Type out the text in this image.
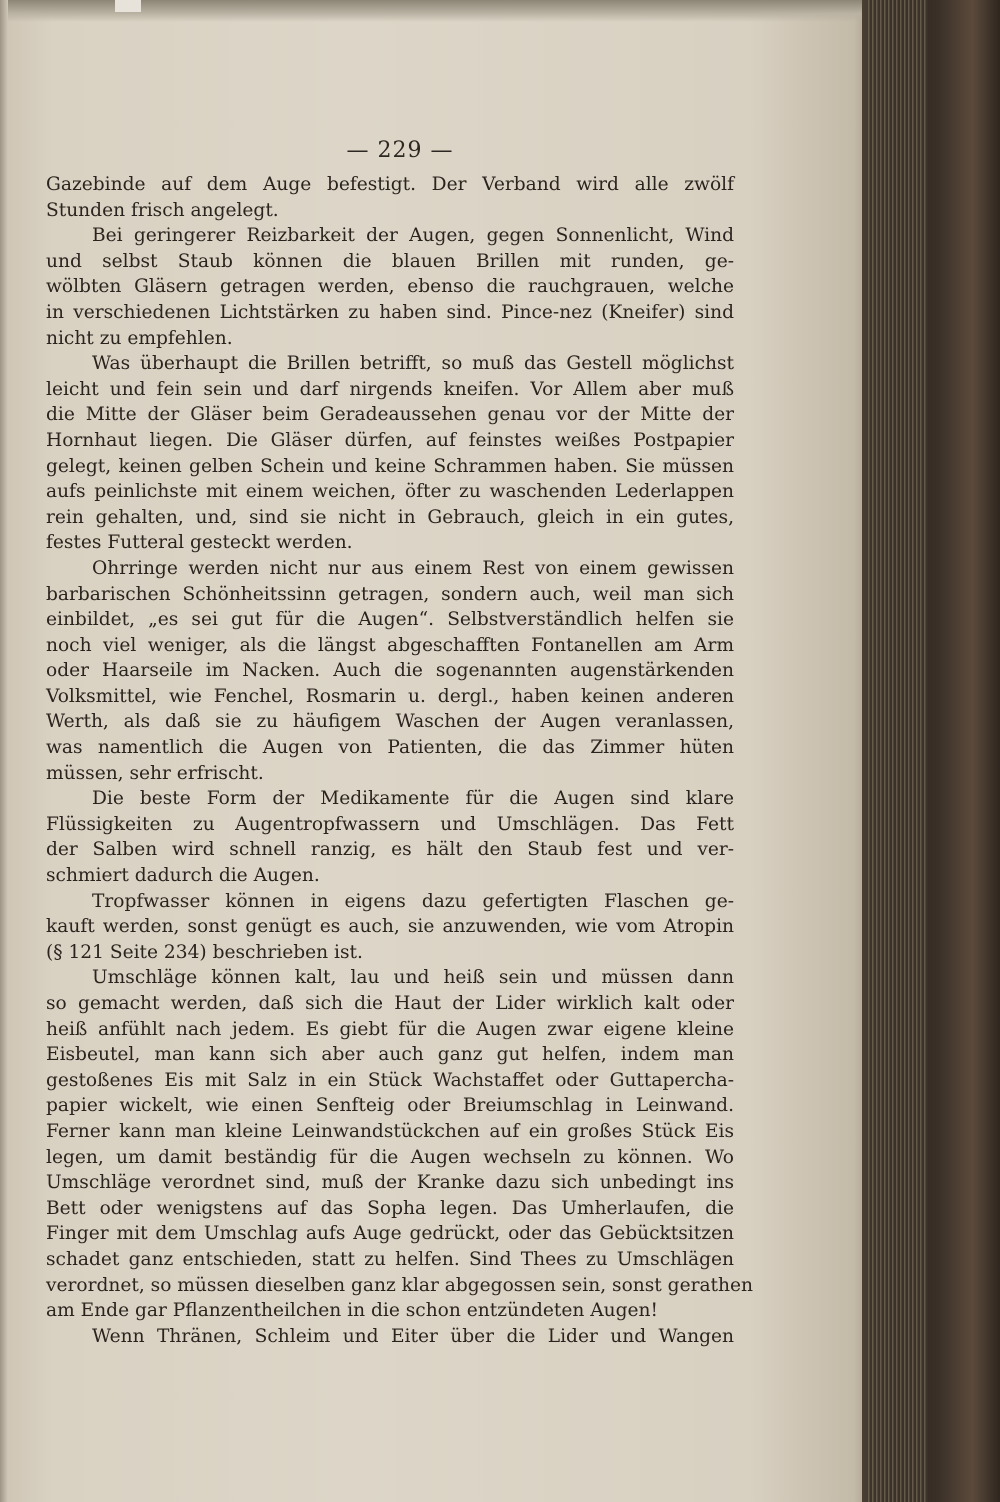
— 229 —
Gazebinde auf dem Auge befestigt. Der Verband wird alle zwölf
Stunden frisch angelegt.
Bei geringerer Reizbarkeit der Augen, gegen Sonnenlicht, Wind
und selbst Staub können die blauen Brillen mit runden, ge-
wölbten Gläsern getragen werden, ebenso die rauchgrauen, welche
in verschiedenen Lichtstärken zu haben sind. Pince-nez (Kneifer) sind
nicht zu empfehlen.
Was überhaupt die Brillen betrifft, so muß das Gestell möglichst
leicht und fein sein und darf nirgends kneifen. Vor Allem aber muß
die Mitte der Gläser beim Geradeaussehen genau vor der Mitte der
Hornhaut liegen. Die Gläser dürfen, auf feinstes weißes Postpapier
gelegt, keinen gelben Schein und keine Schrammen haben. Sie müssen
aufs peinlichste mit einem weichen, öfter zu waschenden Lederlappen
rein gehalten, und, sind sie nicht in Gebrauch, gleich in ein gutes,
festes Futteral gesteckt werden.
Ohrringe werden nicht nur aus einem Rest von einem gewissen
barbarischen Schönheitssinn getragen, sondern auch, weil man sich
einbildet, „es sei gut für die Augen“. Selbstverständlich helfen sie
noch viel weniger, als die längst abgeschafften Fontanellen am Arm
oder Haarseile im Nacken. Auch die sogenannten augenstärkenden
Volksmittel, wie Fenchel, Rosmarin u. dergl., haben keinen anderen
Werth, als daß sie zu häufigem Waschen der Augen veranlassen,
was namentlich die Augen von Patienten, die das Zimmer hüten
müssen, sehr erfrischt.
Die beste Form der Medikamente für die Augen sind klare
Flüssigkeiten zu Augentropfwassern und Umschlägen. Das Fett
der Salben wird schnell ranzig, es hält den Staub fest und ver-
schmiert dadurch die Augen.
Tropfwasser können in eigens dazu gefertigten Flaschen ge-
kauft werden, sonst genügt es auch, sie anzuwenden, wie vom Atropin
(§ 121 Seite 234) beschrieben ist.
Umschläge können kalt, lau und heiß sein und müssen dann
so gemacht werden, daß sich die Haut der Lider wirklich kalt oder
heiß anfühlt nach jedem. Es giebt für die Augen zwar eigene kleine
Eisbeutel, man kann sich aber auch ganz gut helfen, indem man
gestoßenes Eis mit Salz in ein Stück Wachstaffet oder Guttapercha-
papier wickelt, wie einen Senfteig oder Breiumschlag in Leinwand.
Ferner kann man kleine Leinwandstückchen auf ein großes Stück Eis
legen, um damit beständig für die Augen wechseln zu können. Wo
Umschläge verordnet sind, muß der Kranke dazu sich unbedingt ins
Bett oder wenigstens auf das Sopha legen. Das Umherlaufen, die
Finger mit dem Umschlag aufs Auge gedrückt, oder das Gebücktsitzen
schadet ganz entschieden, statt zu helfen. Sind Thees zu Umschlägen
verordnet, so müssen dieselben ganz klar abgegossen sein, sonst gerathen
am Ende gar Pflanzentheilchen in die schon entzündeten Augen!
Wenn Thränen, Schleim und Eiter über die Lider und Wangen
